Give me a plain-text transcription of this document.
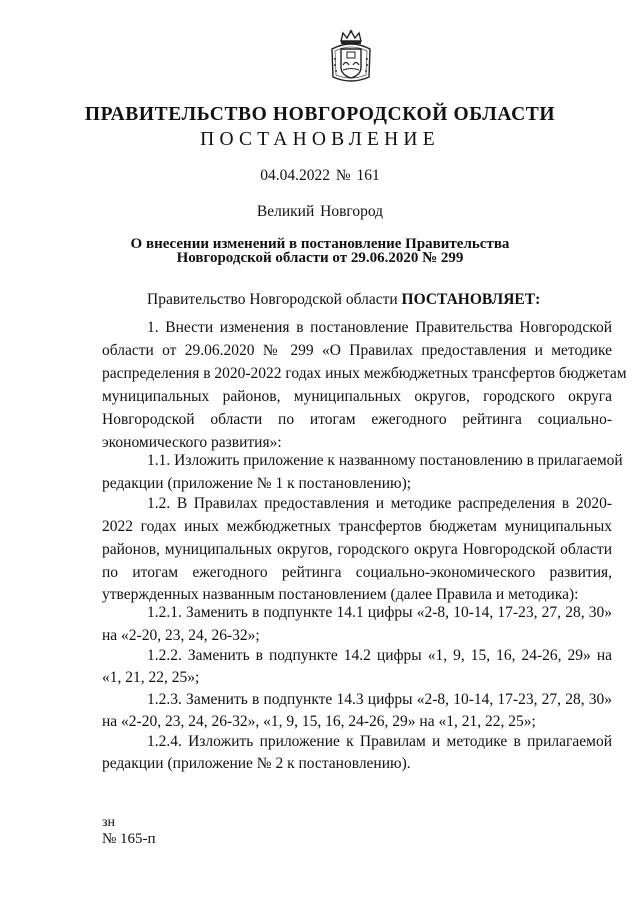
ПРАВИТЕЛЬСТВО НОВГОРОДСКОЙ ОБЛАСТИ
ПОСТАНОВЛЕНИЕ
04.04.2022 № 161
Великий Новгород
О внесении изменений в постановление Правительства
Новгородской области от 29.06.2020 № 299
Правительство Новгородской области ПОСТАНОВЛЯЕТ:
1. Внести изменения в постановление Правительства Новгородской
области от 29.06.2020 № 299 «О Правилах предоставления и методике
распределения в 2020-2022 годах иных межбюджетных трансфертов бюджетам
муниципальных районов, муниципальных округов, городского округа
Новгородской области по итогам ежегодного рейтинга социально-
экономического развития»:
1.1. Изложить приложение к названному постановлению в прилагаемой
редакции (приложение № 1 к постановлению);
1.2. В Правилах предоставления и методике распределения в 2020-
2022 годах иных межбюджетных трансфертов бюджетам муниципальных
районов, муниципальных округов, городского округа Новгородской области
по итогам ежегодного рейтинга социально-экономического развития,
утвержденных названным постановлением (далее Правила и методика):
1.2.1. Заменить в подпункте 14.1 цифры «2-8, 10-14, 17-23, 27, 28, 30»
на «2-20, 23, 24, 26-32»;
1.2.2. Заменить в подпункте 14.2 цифры «1, 9, 15, 16, 24-26, 29» на
«1, 21, 22, 25»;
1.2.3. Заменить в подпункте 14.3 цифры «2-8, 10-14, 17-23, 27, 28, 30»
на «2-20, 23, 24, 26-32», «1, 9, 15, 16, 24-26, 29» на «1, 21, 22, 25»;
1.2.4. Изложить приложение к Правилам и методике в прилагаемой
редакции (приложение № 2 к постановлению).
зн
№ 165-п
